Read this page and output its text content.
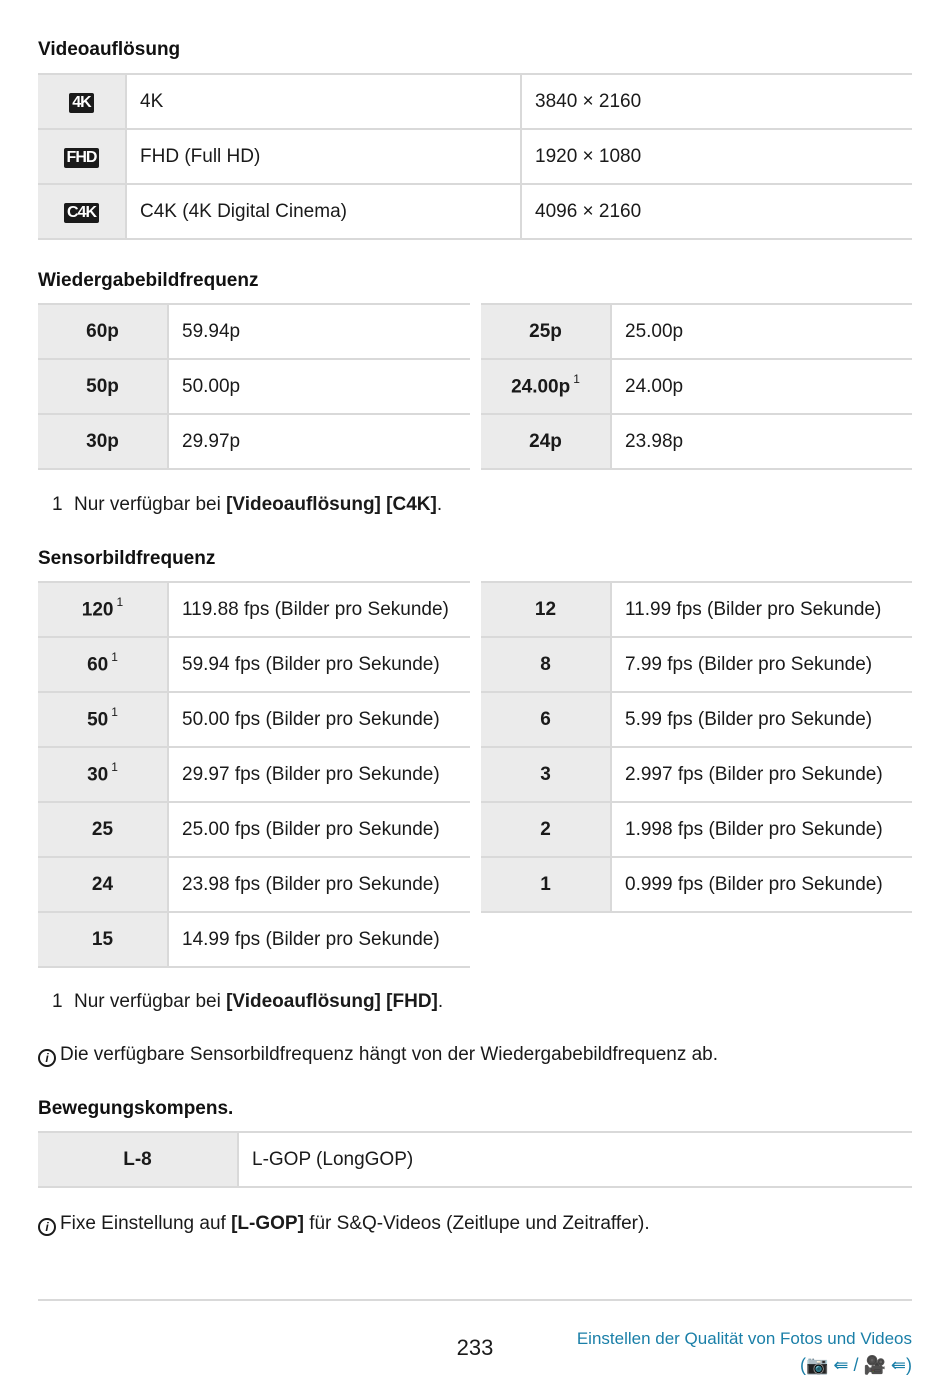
Videoauflösung
4K	4K	3840 × 2160
FHD	FHD (Full HD)	1920 × 1080
C4K	C4K (4K Digital Cinema)	4096 × 2160
Wiedergabebildfrequenz
60p	59.94p
50p	50.00p
30p	29.97p
25p	25.00p
24.00p $^1$	24.00p
24p	23.98p
1 Nur verfügbar bei [Videoauflösung] [C4K].
Sensorbildfrequenz
120 $^1$	119.88 fps (Bilder pro Sekunde)
60 $^1$	59.94 fps (Bilder pro Sekunde)
50 $^1$	50.00 fps (Bilder pro Sekunde)
30 $^1$	29.97 fps (Bilder pro Sekunde)
25	25.00 fps (Bilder pro Sekunde)
24	23.98 fps (Bilder pro Sekunde)
15	14.99 fps (Bilder pro Sekunde)
12	11.99 fps (Bilder pro Sekunde)
8	7.99 fps (Bilder pro Sekunde)
6	5.99 fps (Bilder pro Sekunde)
3	2.997 fps (Bilder pro Sekunde)
2	1.998 fps (Bilder pro Sekunde)
1	0.999 fps (Bilder pro Sekunde)
1 Nur verfügbar bei [Videoauflösung] [FHD].
i Die verfügbare Sensorbildfrequenz hängt von der Wiedergabebildfrequenz ab.
Bewegungskompens.
L-8	L-GOP (LongGOP)
i Fixe Einstellung auf [L-GOP] für S&Q-Videos (Zeitlupe und Zeitraffer).
233	Einstellen der Qualität von Fotos und Videos
(📷 ⇚ / 🎥 ⇚)
